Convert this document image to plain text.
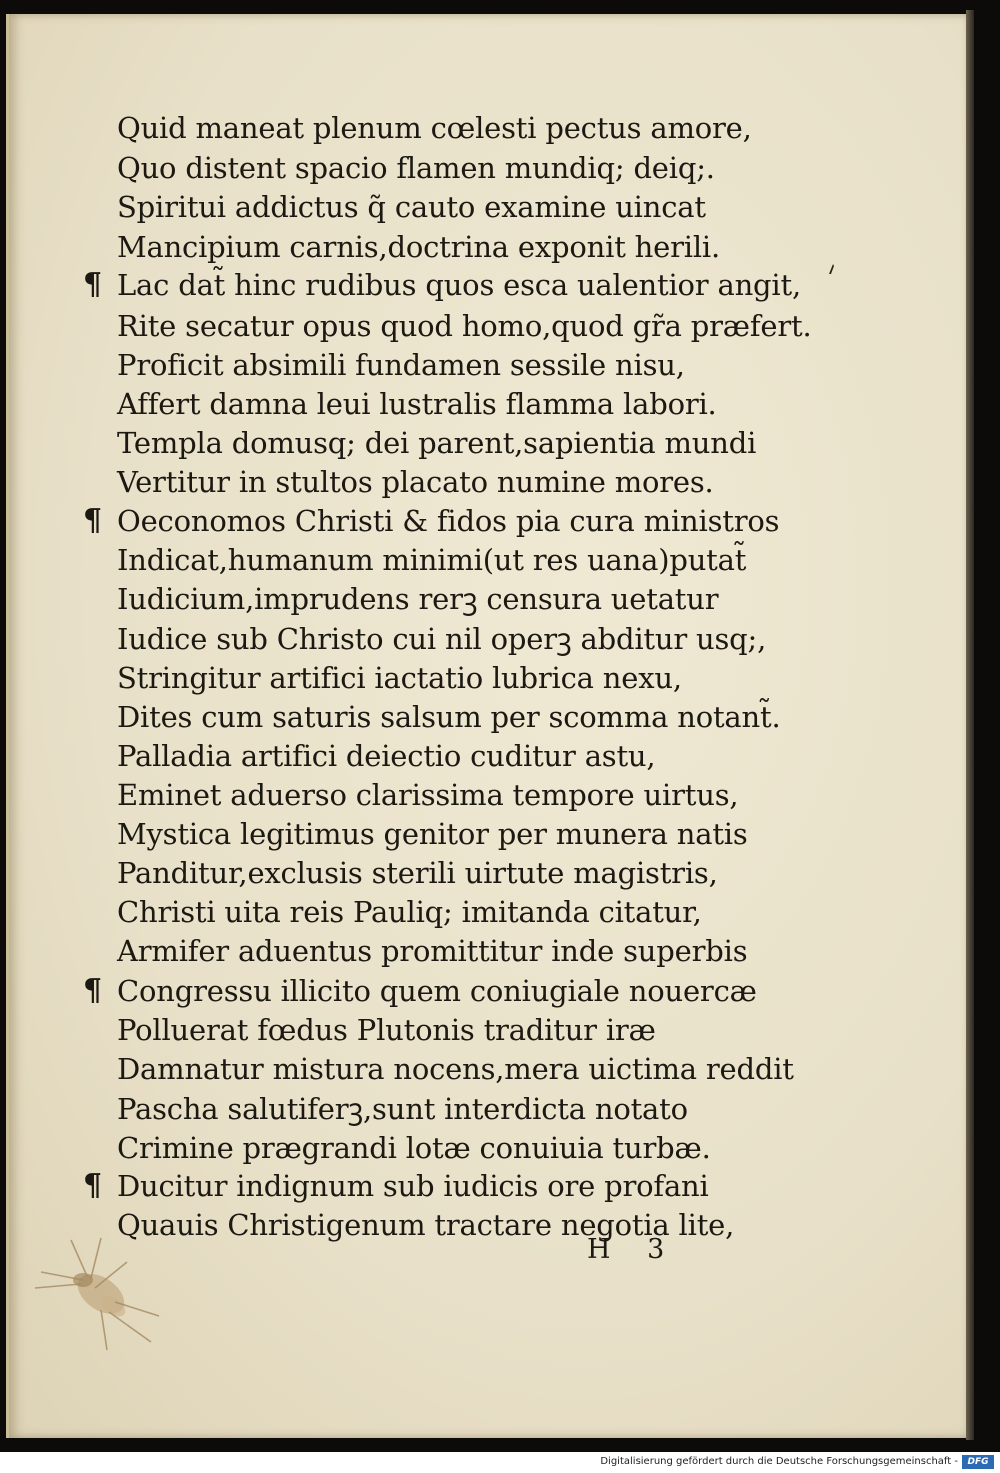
Quid maneat plenum cœlesti pectus amore,
Quo distent spacio flamen mundiq; deiq;.
Spiritui addictus q̃ cauto examine uincat
Mancipium carnis,doctrina exponit herili.
Lac dat̃ hinc rudibus quos esca ualentior angit,
¶
Rite secatur opus quod homo,quod gr̃a præfert.
Proficit absimili fundamen sessile nisu,
Affert damna leui lustralis flamma labori.
Templa domusq; dei parent,sapientia mundi
Vertitur in stultos placato numine mores.
Oeconomos Christi & fidos pia cura ministros
¶
Indicat,humanum minimi(ut res uana)putat̃
Iudicium,imprudens rerꝫ censura uetatur
Iudice sub Christo cui nil operꝫ abditur usq;,
Stringitur artifici iactatio lubrica nexu,
Dites cum saturis salsum per scomma notant̃.
Palladia artifici deiectio cuditur astu,
Eminet aduerso clarissima tempore uirtus,
Mystica legitimus genitor per munera natis
Panditur,exclusis sterili uirtute magistris,
Christi uita reis Pauliq; imitanda citatur,
Armifer aduentus promittitur inde superbis
Congressu illicito quem coniugiale nouercæ
¶
Polluerat fœdus Plutonis traditur iræ
Damnatur mistura nocens,mera uictima reddit
Pascha salutiferꝫ,sunt interdicta notato
Crimine prægrandi lotæ conuiuia turbæ.
Ducitur indignum sub iudicis ore profani
¶
Quauis Christigenum tractare negotia lite,
H 3
Digitalisierung gefördert durch die Deutsche Forschungsgemeinschaft -	DFG
